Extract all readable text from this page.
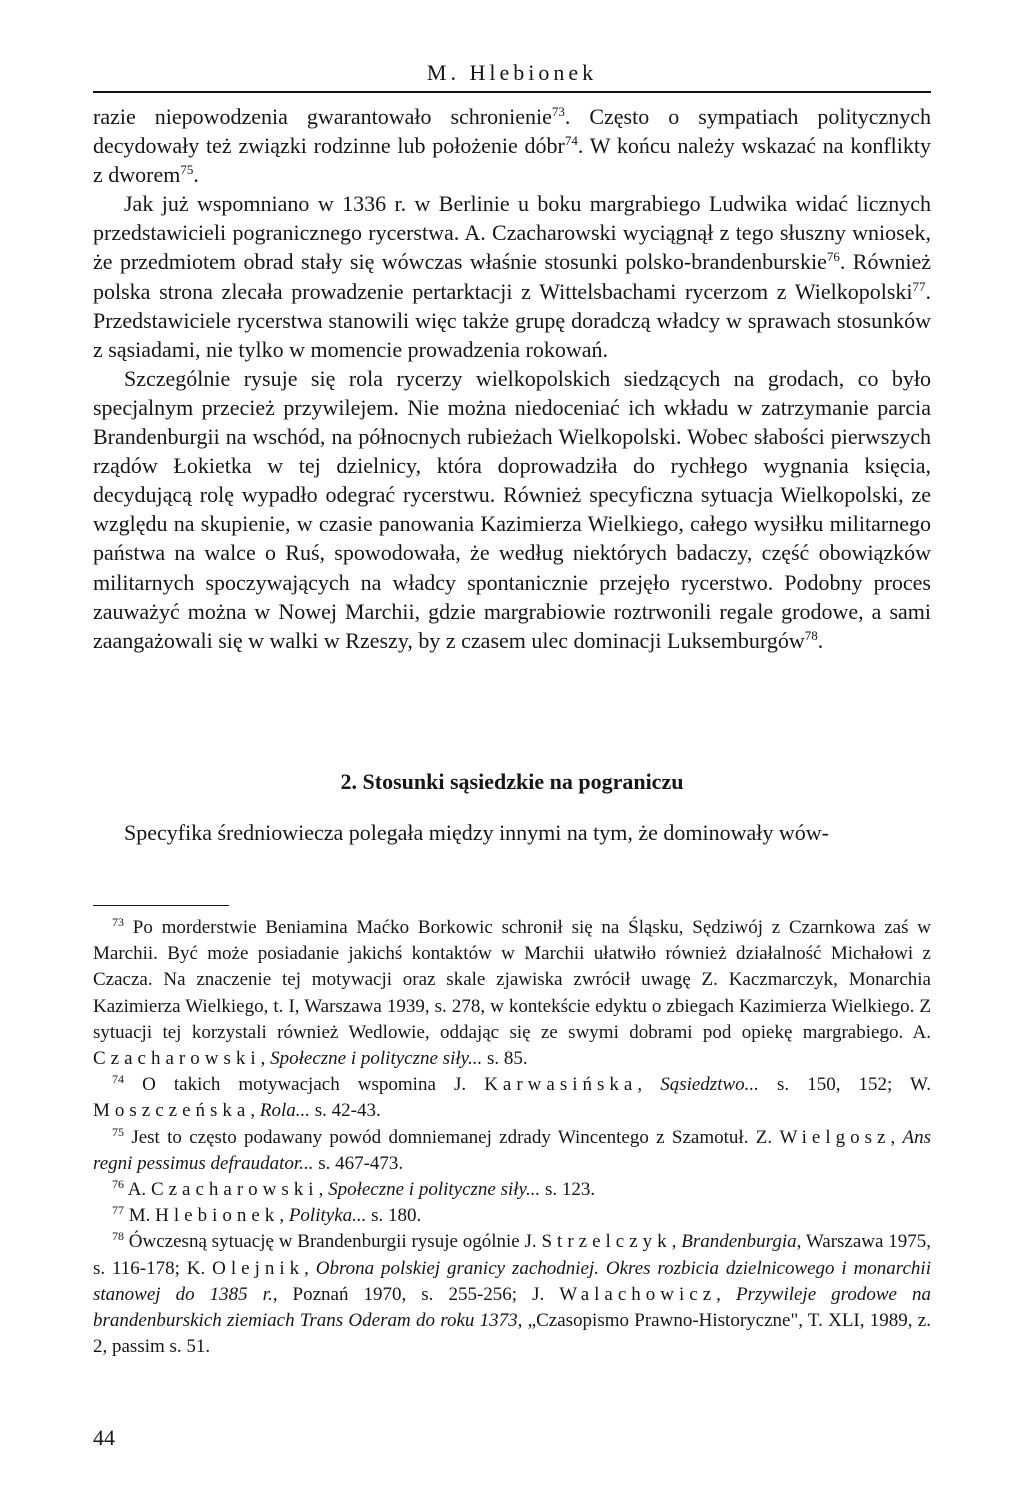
M. Hlebionek

razie niepowodzenia gwarantowało schronienie$^{73}$. Często o sympatiach politycznych decydowały też związki rodzinne lub położenie dóbr$^{74}$. W końcu należy wskazać na konflikty z dworem$^{75}$.

Jak już wspomniano w 1336 r. w Berlinie u boku margrabiego Ludwika widać licznych przedstawicieli pogranicznego rycerstwa. A. Czacharowski wyciągnął z tego słuszny wniosek, że przedmiotem obrad stały się wówczas właśnie stosunki polsko-brandenburskie$^{76}$. Również polska strona zlecała prowadzenie pertarktacji z Wittelsbachami rycerzom z Wielkopolski$^{77}$. Przedstawiciele rycerstwa stanowili więc także grupę doradczą władcy w sprawach stosunków z sąsiadami, nie tylko w momencie prowadzenia rokowań.

Szczególnie rysuje się rola rycerzy wielkopolskich siedzących na grodach, co było specjalnym przecież przywilejem. Nie można niedoceniać ich wkładu w zatrzymanie parcia Brandenburgii na wschód, na północnych rubieżach Wielkopolski. Wobec słabości pierwszych rządów Łokietka w tej dzielnicy, która doprowadziła do rychłego wygnania księcia, decydującą rolę wypadło odegrać rycerstwu. Również specyficzna sytuacja Wielkopolski, ze względu na skupienie, w czasie panowania Kazimierza Wielkiego, całego wysiłku militarnego państwa na walce o Ruś, spowodowała, że według niektórych badaczy, część obowiązków militarnych spoczywających na władcy spontanicznie przejęło rycerstwo. Podobny proces zauważyć można w Nowej Marchii, gdzie margrabiowie roztrwonili regale grodowe, a sami zaangażowali się w walki w Rzeszy, by z czasem ulec dominacji Luksemburgów$^{78}$.

2. Stosunki sąsiedzkie na pograniczu

Specyfika średniowiecza polegała między innymi na tym, że dominowały wów-

$^{73}$ Po morderstwie Beniamina Maćko Borkowic schronił się na Śląsku, Sędziwój z Czarnkowa zaś w Marchii. Być może posiadanie jakichś kontaktów w Marchii ułatwiło również działalność Michałowi z Czacza. Na znaczenie tej motywacji oraz skale zjawiska zwrócił uwagę Z. Kaczmarczyk, Monarchia Kazimierza Wielkiego, t. I, Warszawa 1939, s. 278, w kontekście edyktu o zbiegach Kazimierza Wielkiego. Z sytuacji tej korzystali również Wedlowie, oddając się ze swymi dobrami pod opiekę margrabiego. A. Czacharowski, Społeczne i polityczne siły... s. 85.

$^{74}$ O takich motywacjach wspomina J. Karwasińska, Sąsiedztwo... s. 150, 152; W. Moszczeńska, Rola... s. 42-43.

$^{75}$ Jest to często podawany powód domniemanej zdrady Wincentego z Szamotuł. Z. Wielgosz, Ans regni pessimus defraudator... s. 467-473.

$^{76}$ A. Czacharowski, Społeczne i polityczne siły... s. 123.

$^{77}$ M. Hlebionek, Polityka... s. 180.

$^{78}$ Ówczesną sytuację w Brandenburgii rysuje ogólnie J. Strzelczyk, Brandenburgia, Warszawa 1975, s. 116-178; K. Olejnik, Obrona polskiej granicy zachodniej. Okres rozbicia dzielnicowego i monarchii stanowej do 1385 r., Poznań 1970, s. 255-256; J. Walachowicz, Przywileje grodowe na brandenburskich ziemiach Trans Oderam do roku 1373, „Czasopismo Prawno-Historyczne", T. XLI, 1989, z. 2, passim s. 51.

44
